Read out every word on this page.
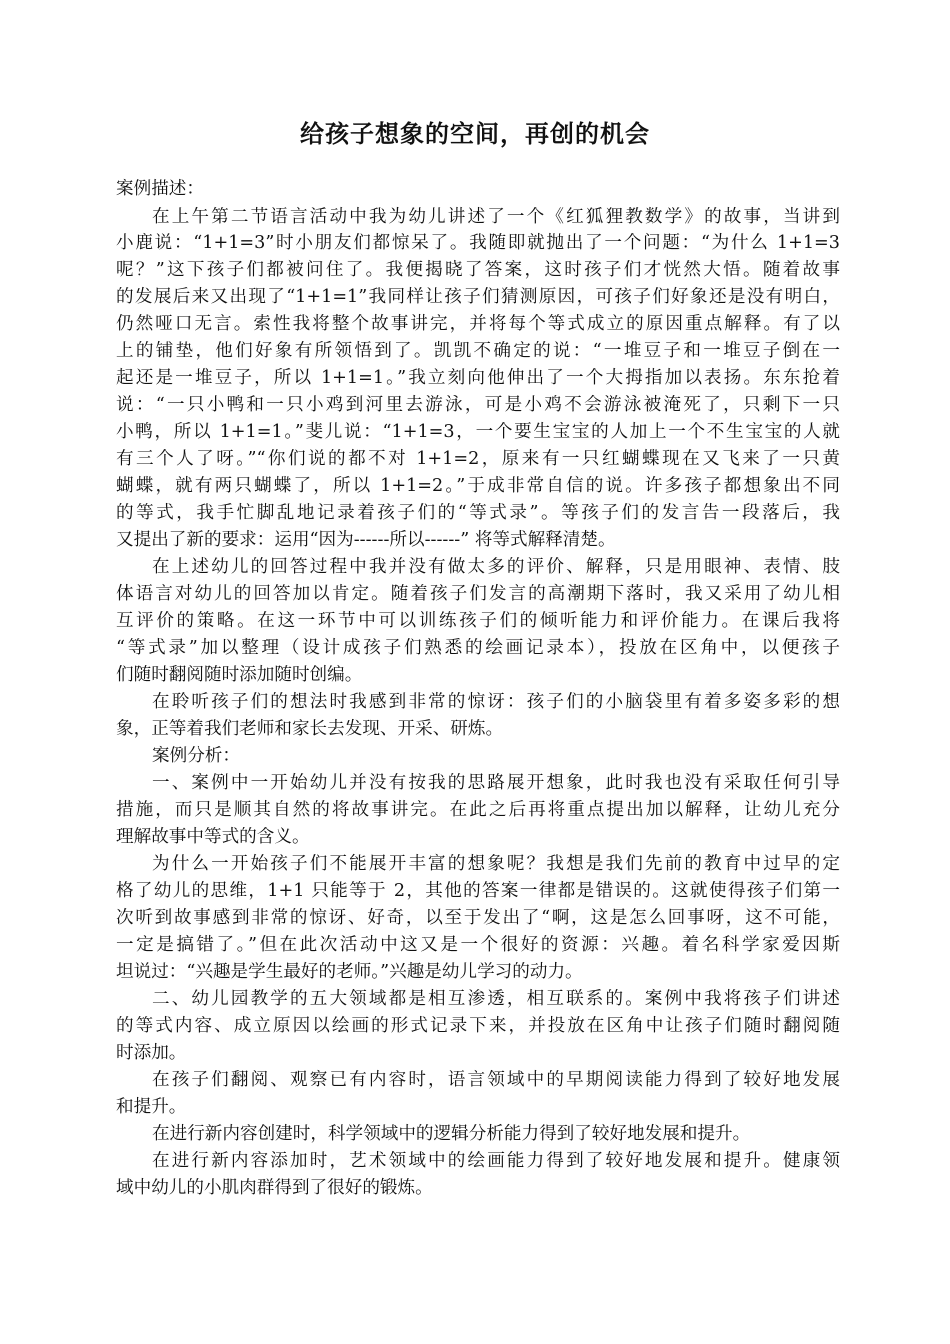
给孩子想象的空间，再创的机会
案例描述：
在上午第二节语言活动中我为幼儿讲述了一个《红狐狸教数学》的故事，当讲到
小鹿说：“1+1=3”时小朋友们都惊呆了。我随即就抛出了一个问题：“为什么 1+1=3
呢？”这下孩子们都被问住了。我便揭晓了答案，这时孩子们才恍然大悟。随着故事
的发展后来又出现了“1+1=1”我同样让孩子们猜测原因，可孩子们好象还是没有明白，
仍然哑口无言。索性我将整个故事讲完，并将每个等式成立的原因重点解释。有了以
上的铺垫，他们好象有所领悟到了。凯凯不确定的说：“一堆豆子和一堆豆子倒在一
起还是一堆豆子，所以 1+1=1。”我立刻向他伸出了一个大拇指加以表扬。东东抢着
说：“一只小鸭和一只小鸡到河里去游泳，可是小鸡不会游泳被淹死了，只剩下一只
小鸭，所以 1+1=1。”斐儿说：“1+1=3，一个要生宝宝的人加上一个不生宝宝的人就
有三个人了呀。”“你们说的都不对 1+1=2，原来有一只红蝴蝶现在又飞来了一只黄
蝴蝶，就有两只蝴蝶了，所以 1+1=2。”于成非常自信的说。许多孩子都想象出不同
的等式，我手忙脚乱地记录着孩子们的“等式录”。等孩子们的发言告一段落后，我
又提出了新的要求：运用“因为------所以------” 将等式解释清楚。
在上述幼儿的回答过程中我并没有做太多的评价、解释，只是用眼神、表情、肢
体语言对幼儿的回答加以肯定。随着孩子们发言的高潮期下落时，我又采用了幼儿相
互评价的策略。在这一环节中可以训练孩子们的倾听能力和评价能力。在课后我将
“等式录”加以整理（设计成孩子们熟悉的绘画记录本），投放在区角中，以便孩子
们随时翻阅随时添加随时创编。
在聆听孩子们的想法时我感到非常的惊讶：孩子们的小脑袋里有着多姿多彩的想
象，正等着我们老师和家长去发现、开采、研炼。
案例分析：
一、案例中一开始幼儿并没有按我的思路展开想象，此时我也没有采取任何引导
措施，而只是顺其自然的将故事讲完。在此之后再将重点提出加以解释，让幼儿充分
理解故事中等式的含义。
为什么一开始孩子们不能展开丰富的想象呢？我想是我们先前的教育中过早的定
格了幼儿的思维，1+1 只能等于 2，其他的答案一律都是错误的。这就使得孩子们第一
次听到故事感到非常的惊讶、好奇，以至于发出了“啊，这是怎么回事呀，这不可能，
一定是搞错了。”但在此次活动中这又是一个很好的资源：兴趣。着名科学家爱因斯
坦说过：“兴趣是学生最好的老师。”兴趣是幼儿学习的动力。
二、幼儿园教学的五大领域都是相互渗透，相互联系的。案例中我将孩子们讲述
的等式内容、成立原因以绘画的形式记录下来，并投放在区角中让孩子们随时翻阅随
时添加。
在孩子们翻阅、观察已有内容时，语言领域中的早期阅读能力得到了较好地发展
和提升。
在进行新内容创建时，科学领域中的逻辑分析能力得到了较好地发展和提升。
在进行新内容添加时，艺术领域中的绘画能力得到了较好地发展和提升。健康领
域中幼儿的小肌肉群得到了很好的锻炼。
